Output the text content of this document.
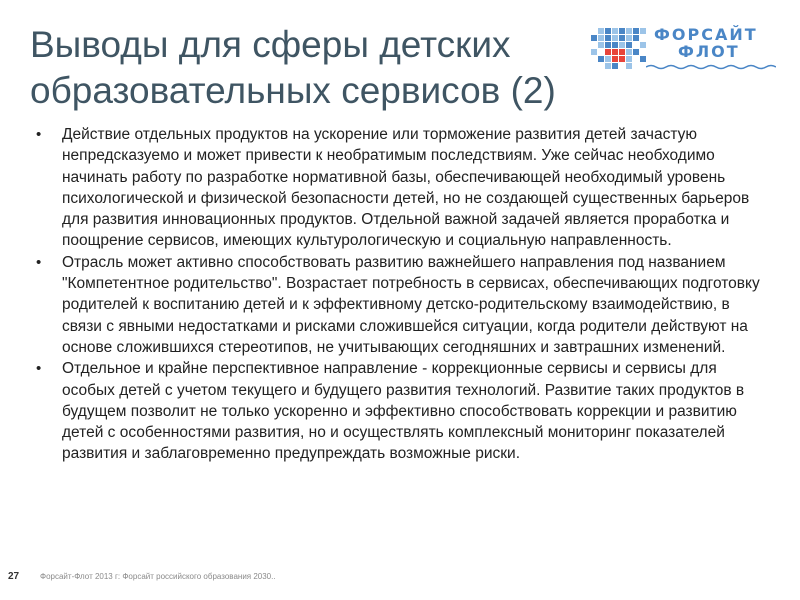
Выводы для сферы детских образовательных сервисов (2)
ФОРСАЙТ
ФЛОТ
• Действие отдельных продуктов на ускорение или торможение развития детей зачастую непредсказуемо и может привести к необратимым последствиям. Уже сейчас необходимо начинать работу по разработке нормативной базы, обеспечивающей необходимый уровень психологической и физической безопасности детей, но не создающей существенных барьеров для развития инновационных продуктов. Отдельной важной задачей является проработка и поощрение сервисов, имеющих культурологическую и социальную направленность.
• Отрасль может активно способствовать развитию важнейшего направления под названием "Компетентное родительство". Возрастает потребность в сервисах, обеспечивающих подготовку родителей к воспитанию детей и к эффективному детско-родительскому взаимодействию, в связи с явными недостатками и рисками сложившейся ситуации, когда родители действуют на основе сложившихся стереотипов, не учитывающих сегодняшних и завтрашних изменений.
• Отдельное и крайне перспективное направление - коррекционные сервисы и сервисы для особых детей с учетом текущего и будущего развития технологий. Развитие таких продуктов в будущем позволит не только ускоренно и эффективно способствовать коррекции и развитию детей с особенностями развития, но и осуществлять комплексный мониторинг показателей развития и заблаговременно предупреждать возможные риски.
27	Форсайт-Флот 2013 г: Форсайт российского образования 2030..
